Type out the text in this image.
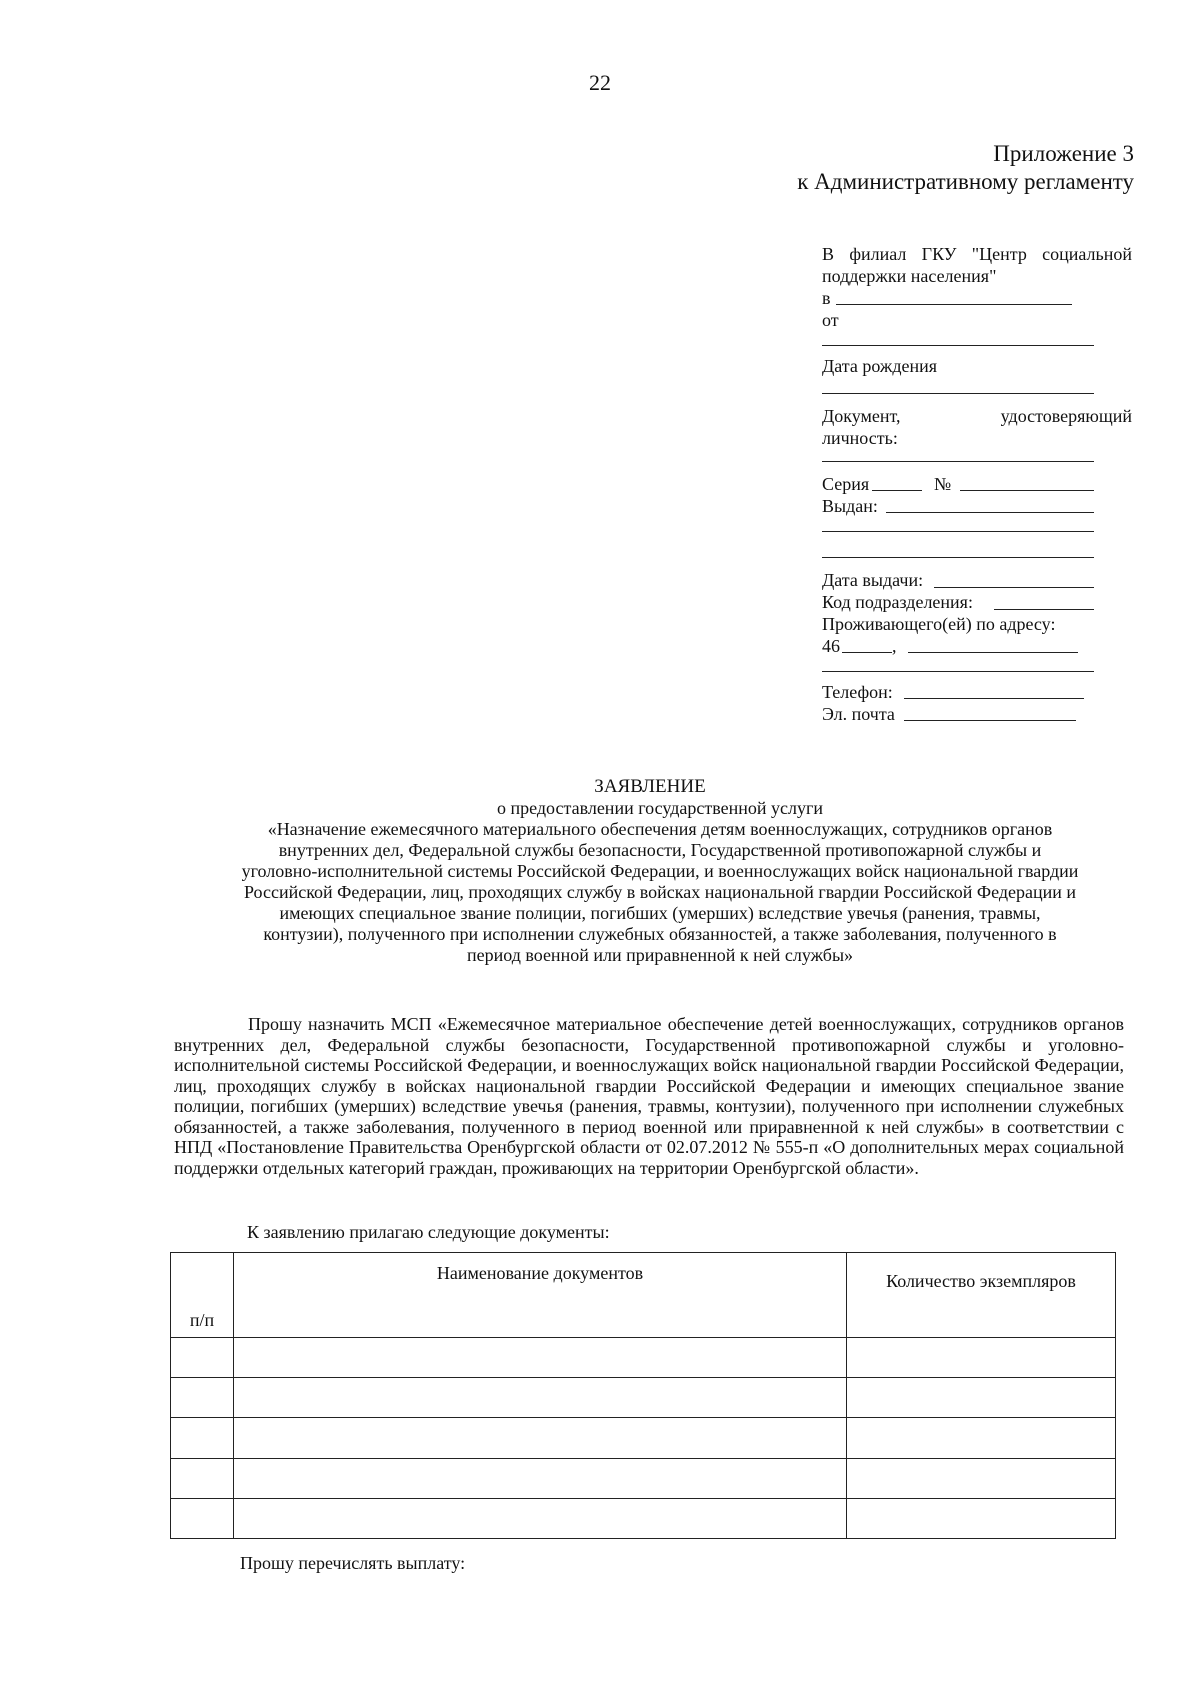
22
Приложение 3
к Административному регламенту
В филиал ГКУ "Центр социальной
поддержки населения"
в
от
Дата рождения
Документ,	удостоверяющий
личность:
Серия	№
Выдан:
Дата выдачи:
Код подразделения:
Проживающего(ей) по адресу:
46	,
Телефон:
Эл. почта
ЗАЯВЛЕНИЕ
о предоставлении государственной услуги
«Назначение ежемесячного материального обеспечения детям военнослужащих, сотрудников органов
внутренних дел, Федеральной службы безопасности, Государственной противопожарной службы и
уголовно-исполнительной системы Российской Федерации, и военнослужащих войск национальной гвардии
Российской Федерации, лиц, проходящих службу в войсках национальной гвардии Российской Федерации и
имеющих специальное звание полиции, погибших (умерших) вследствие увечья (ранения, травмы,
контузии), полученного при исполнении служебных обязанностей, а также заболевания, полученного в
период военной или приравненной к ней службы»
Прошу назначить МСП «Ежемесячное материальное обеспечение детей военнослужащих, сотрудников органов внутренних дел, Федеральной службы безопасности, Государственной противопожарной службы и уголовно-исполнительной системы Российской Федерации, и военнослужащих войск национальной гвардии Российской Федерации, лиц, проходящих службу в войсках национальной гвардии Российской Федерации и имеющих специальное звание полиции, погибших (умерших) вследствие увечья (ранения, травмы, контузии), полученного при исполнении служебных обязанностей, а также заболевания, полученного в период военной или приравненной к ней службы» в соответствии с НПД «Постановление Правительства Оренбургской области от 02.07.2012 № 555-п «О дополнительных мерах социальной поддержки отдельных категорий граждан, проживающих на территории Оренбургской области».
К заявлению прилагаю следующие документы:
п/п	Наименование документов	Количество экземпляров

Прошу перечислять выплату:
